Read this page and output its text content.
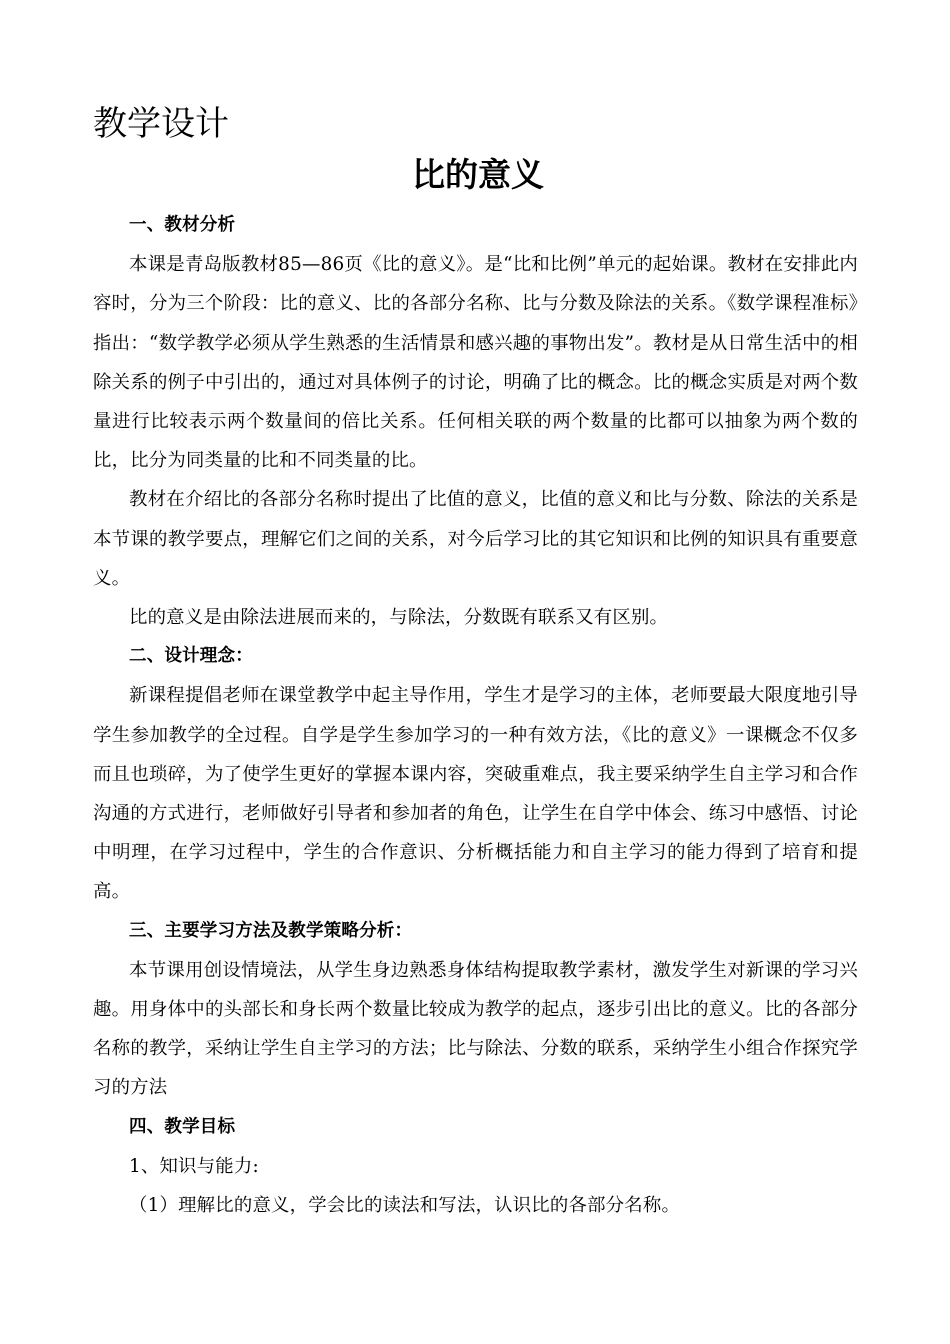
教学设计
比的意义

一、教材分析

本课是青岛版教材85—86页《比的意义》。是“比和比例”单元的起始课。教材在安排此内容时，分为三个阶段：比的意义、比的各部分名称、比与分数及除法的关系。《数学课程准标》指出：“数学教学必须从学生熟悉的生活情景和感兴趣的事物出发”。教材是从日常生活中的相除关系的例子中引出的，通过对具体例子的讨论，明确了比的概念。比的概念实质是对两个数量进行比较表示两个数量间的倍比关系。任何相关联的两个数量的比都可以抽象为两个数的比，比分为同类量的比和不同类量的比。

教材在介绍比的各部分名称时提出了比值的意义，比值的意义和比与分数、除法的关系是本节课的教学要点，理解它们之间的关系，对今后学习比的其它知识和比例的知识具有重要意义。

比的意义是由除法进展而来的，与除法，分数既有联系又有区别。

二、设计理念：

新课程提倡老师在课堂教学中起主导作用，学生才是学习的主体，老师要最大限度地引导学生参加教学的全过程。自学是学生参加学习的一种有效方法，《比的意义》一课概念不仅多而且也琐碎，为了使学生更好的掌握本课内容，突破重难点，我主要采纳学生自主学习和合作沟通的方式进行，老师做好引导者和参加者的角色，让学生在自学中体会、练习中感悟、讨论中明理，在学习过程中，学生的合作意识、分析概括能力和自主学习的能力得到了培育和提高。

三、主要学习方法及教学策略分析：

本节课用创设情境法，从学生身边熟悉身体结构提取教学素材，激发学生对新课的学习兴趣。用身体中的头部长和身长两个数量比较成为教学的起点，逐步引出比的意义。比的各部分名称的教学，采纳让学生自主学习的方法；比与除法、分数的联系，采纳学生小组合作探究学习的方法

四、教学目标

1、知识与能力:

（1）理解比的意义，学会比的读法和写法，认识比的各部分名称。
